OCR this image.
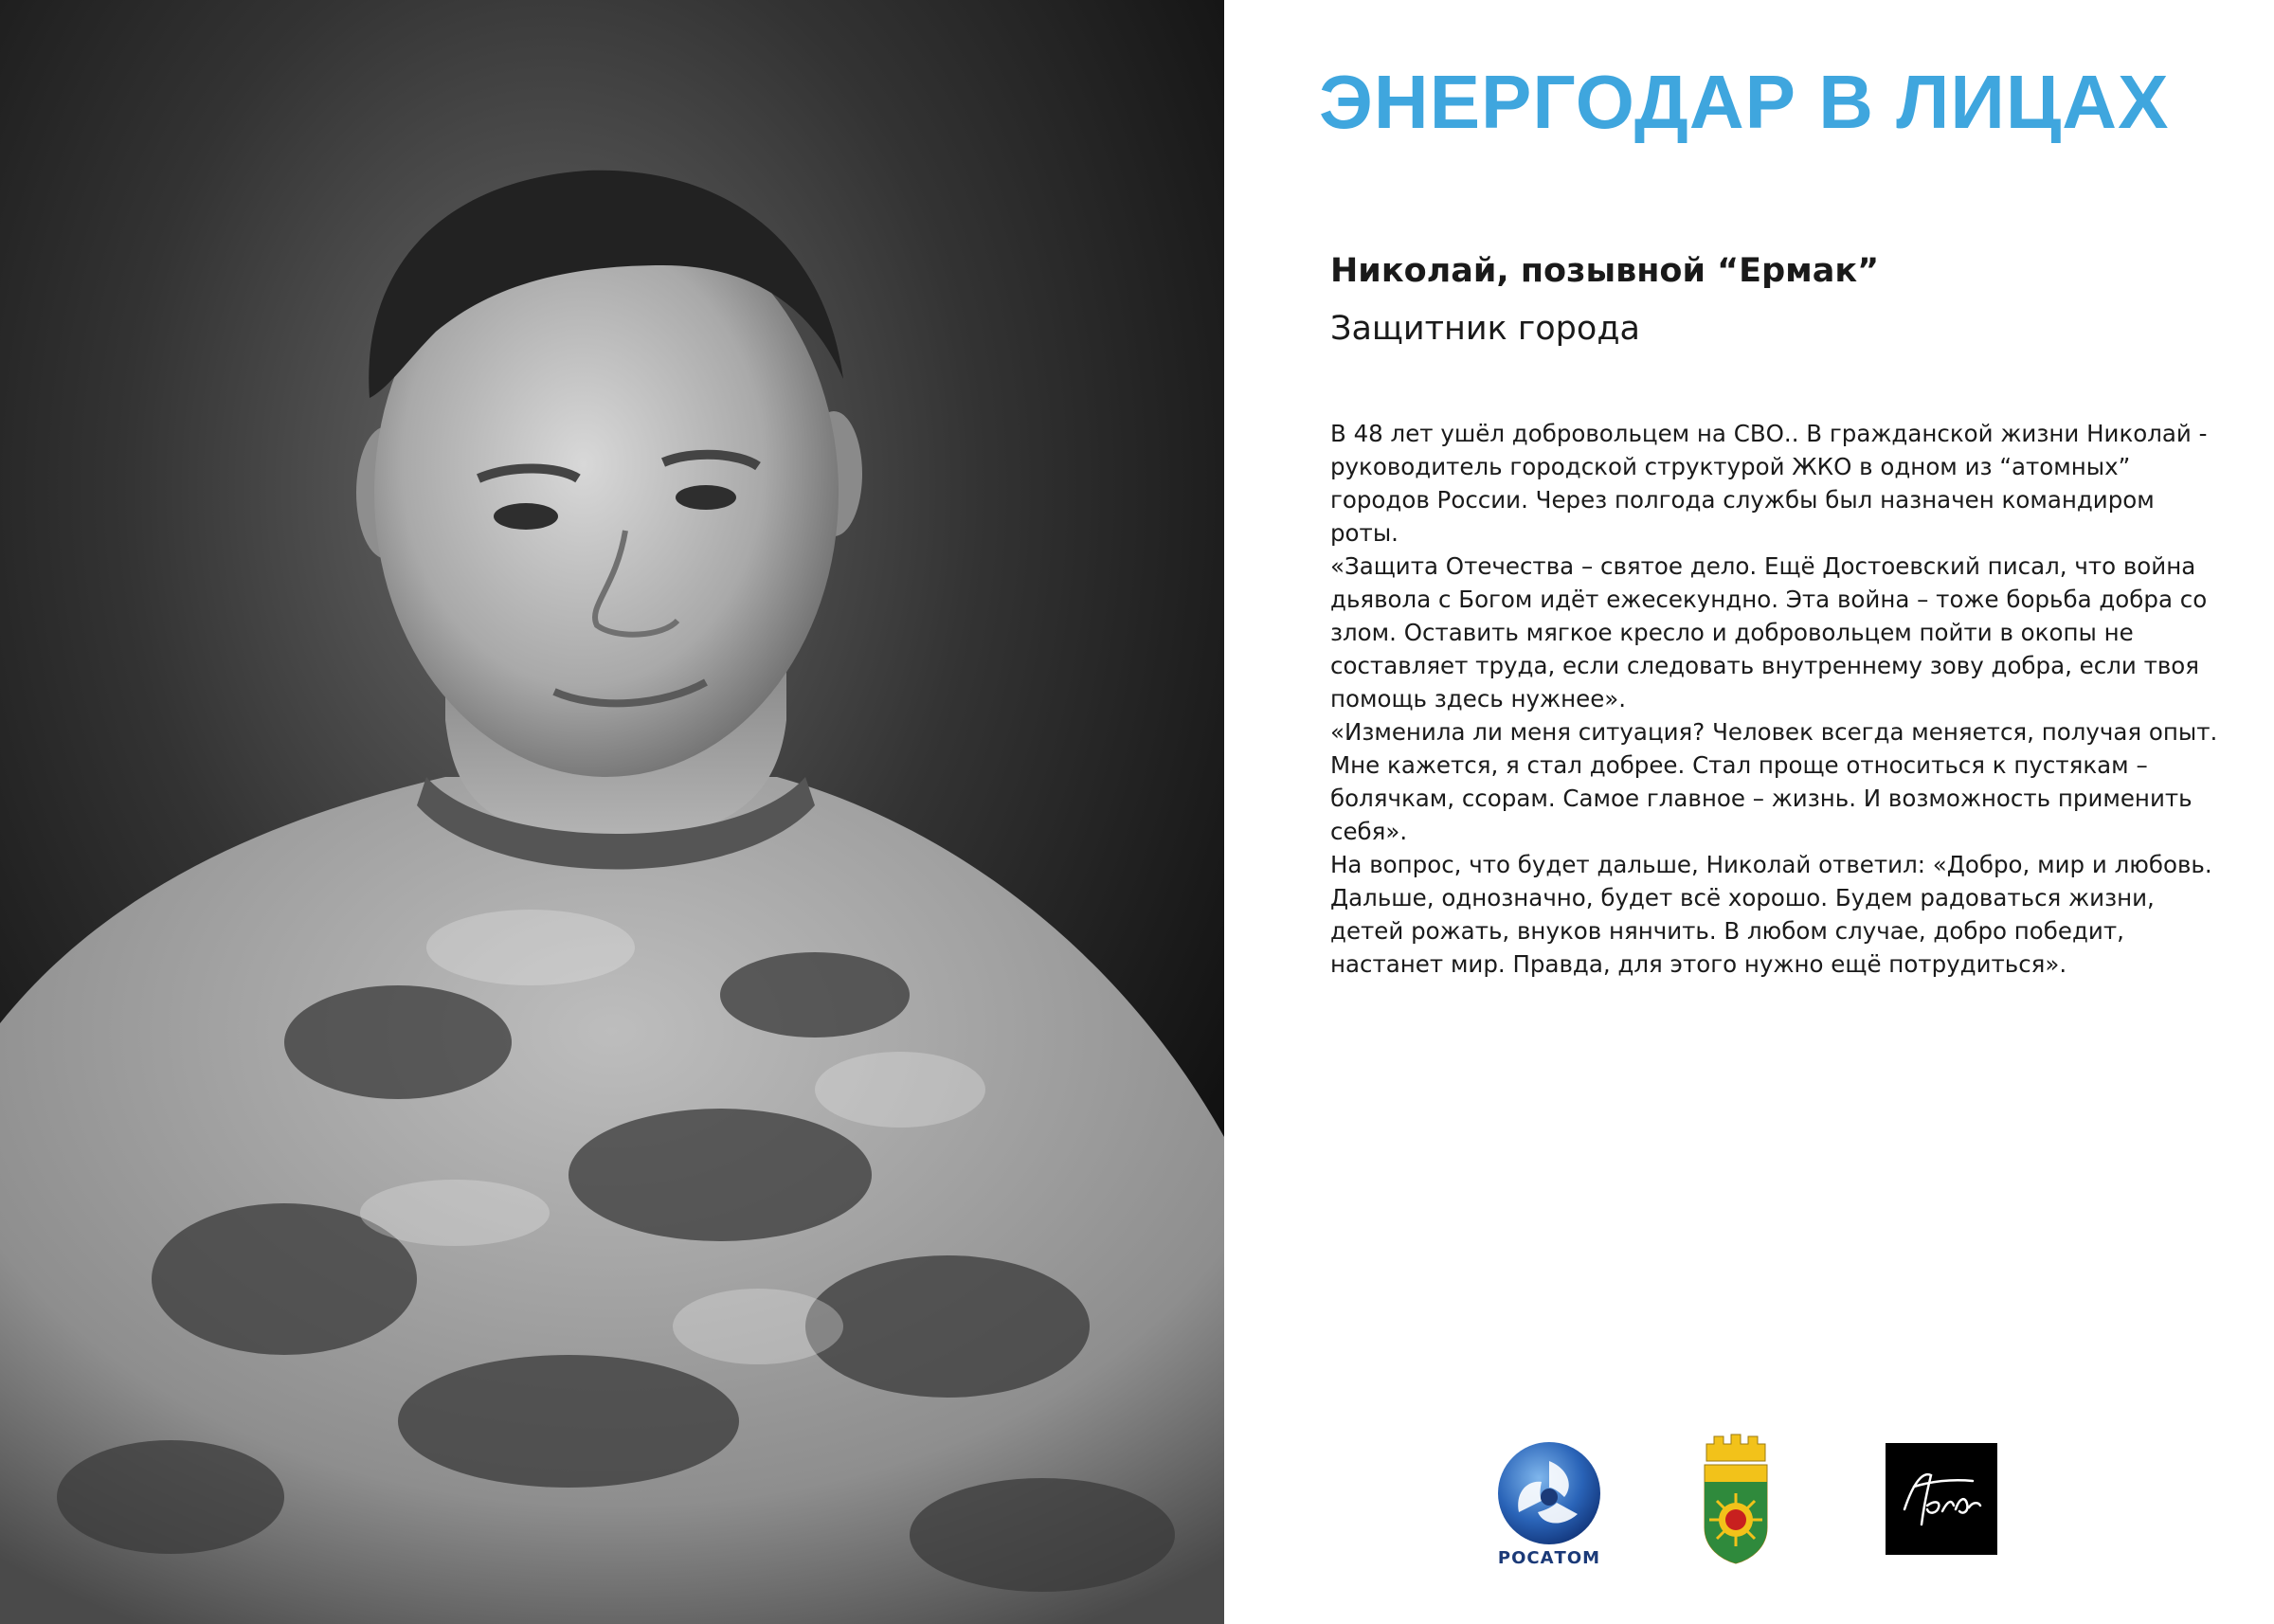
ЭНЕРГОДАР В ЛИЦАХ
Николай, позывной “Ермак”
Защитник города
В 48 лет ушёл добровольцем на СВО.. В гражданской жизни Николай -
руководитель городской структурой ЖКО в одном из “атомных”
городов России. Через полгода службы был назначен командиром
роты.
«Защита Отечества – святое дело. Ещё Достоевский писал, что война
дьявола с Богом идёт ежесекундно. Эта война – тоже борьба добра со
злом. Оставить мягкое кресло и добровольцем пойти в окопы не
составляет труда, если следовать внутреннему зову добра, если твоя
помощь здесь нужнее».
«Изменила ли меня ситуация? Человек всегда меняется, получая опыт.
Мне кажется, я стал добрее. Стал проще относиться к пустякам –
болячкам, ссорам. Самое главное – жизнь. И возможность применить
себя».
На вопрос, что будет дальше, Николай ответил: «Добро, мир и любовь.
Дальше, однозначно, будет всё хорошо. Будем радоваться жизни,
детей рожать, внуков нянчить. В любом случае, добро победит,
настанет мир. Правда, для этого нужно ещё потрудиться».
РОСАТОМ
